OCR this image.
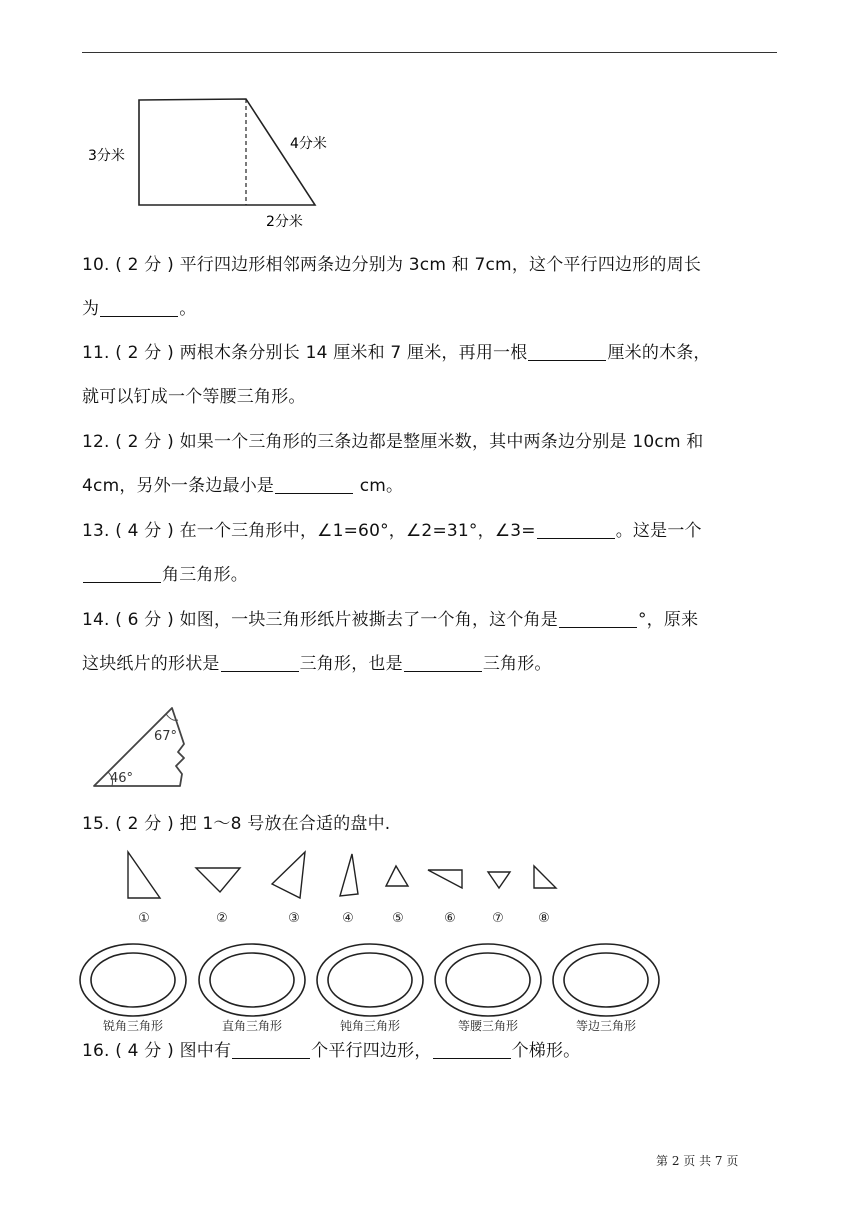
3分米
4分米
2分米
10. ( 2 分 ) 平行四边形相邻两条边分别为 3cm 和 7cm，这个平行四边形的周长
为	。
11. ( 2 分 ) 两根木条分别长 14 厘米和 7 厘米，再用一根	厘米的木条，
就可以钉成一个等腰三角形。
12. ( 2 分 ) 如果一个三角形的三条边都是整厘米数，其中两条边分别是 10cm 和
4cm，另外一条边最小是	cm。
13. ( 4 分 ) 在一个三角形中，∠1=60°，∠2=31°，∠3=	。这是一个
角三角形。
14. ( 6 分 ) 如图，一块三角形纸片被撕去了一个角，这个角是	°，原来
这块纸片的形状是	三角形，也是	三角形。
67°
46°
15. ( 2 分 ) 把 1～8 号放在合适的盘中.
①	②	③	④	⑤	⑥	⑦	⑧
锐角三角形	直角三角形	钝角三角形	等腰三角形	等边三角形
16. ( 4 分 ) 图中有	个平行四边形，	个梯形。
第 2 页 共 7 页
